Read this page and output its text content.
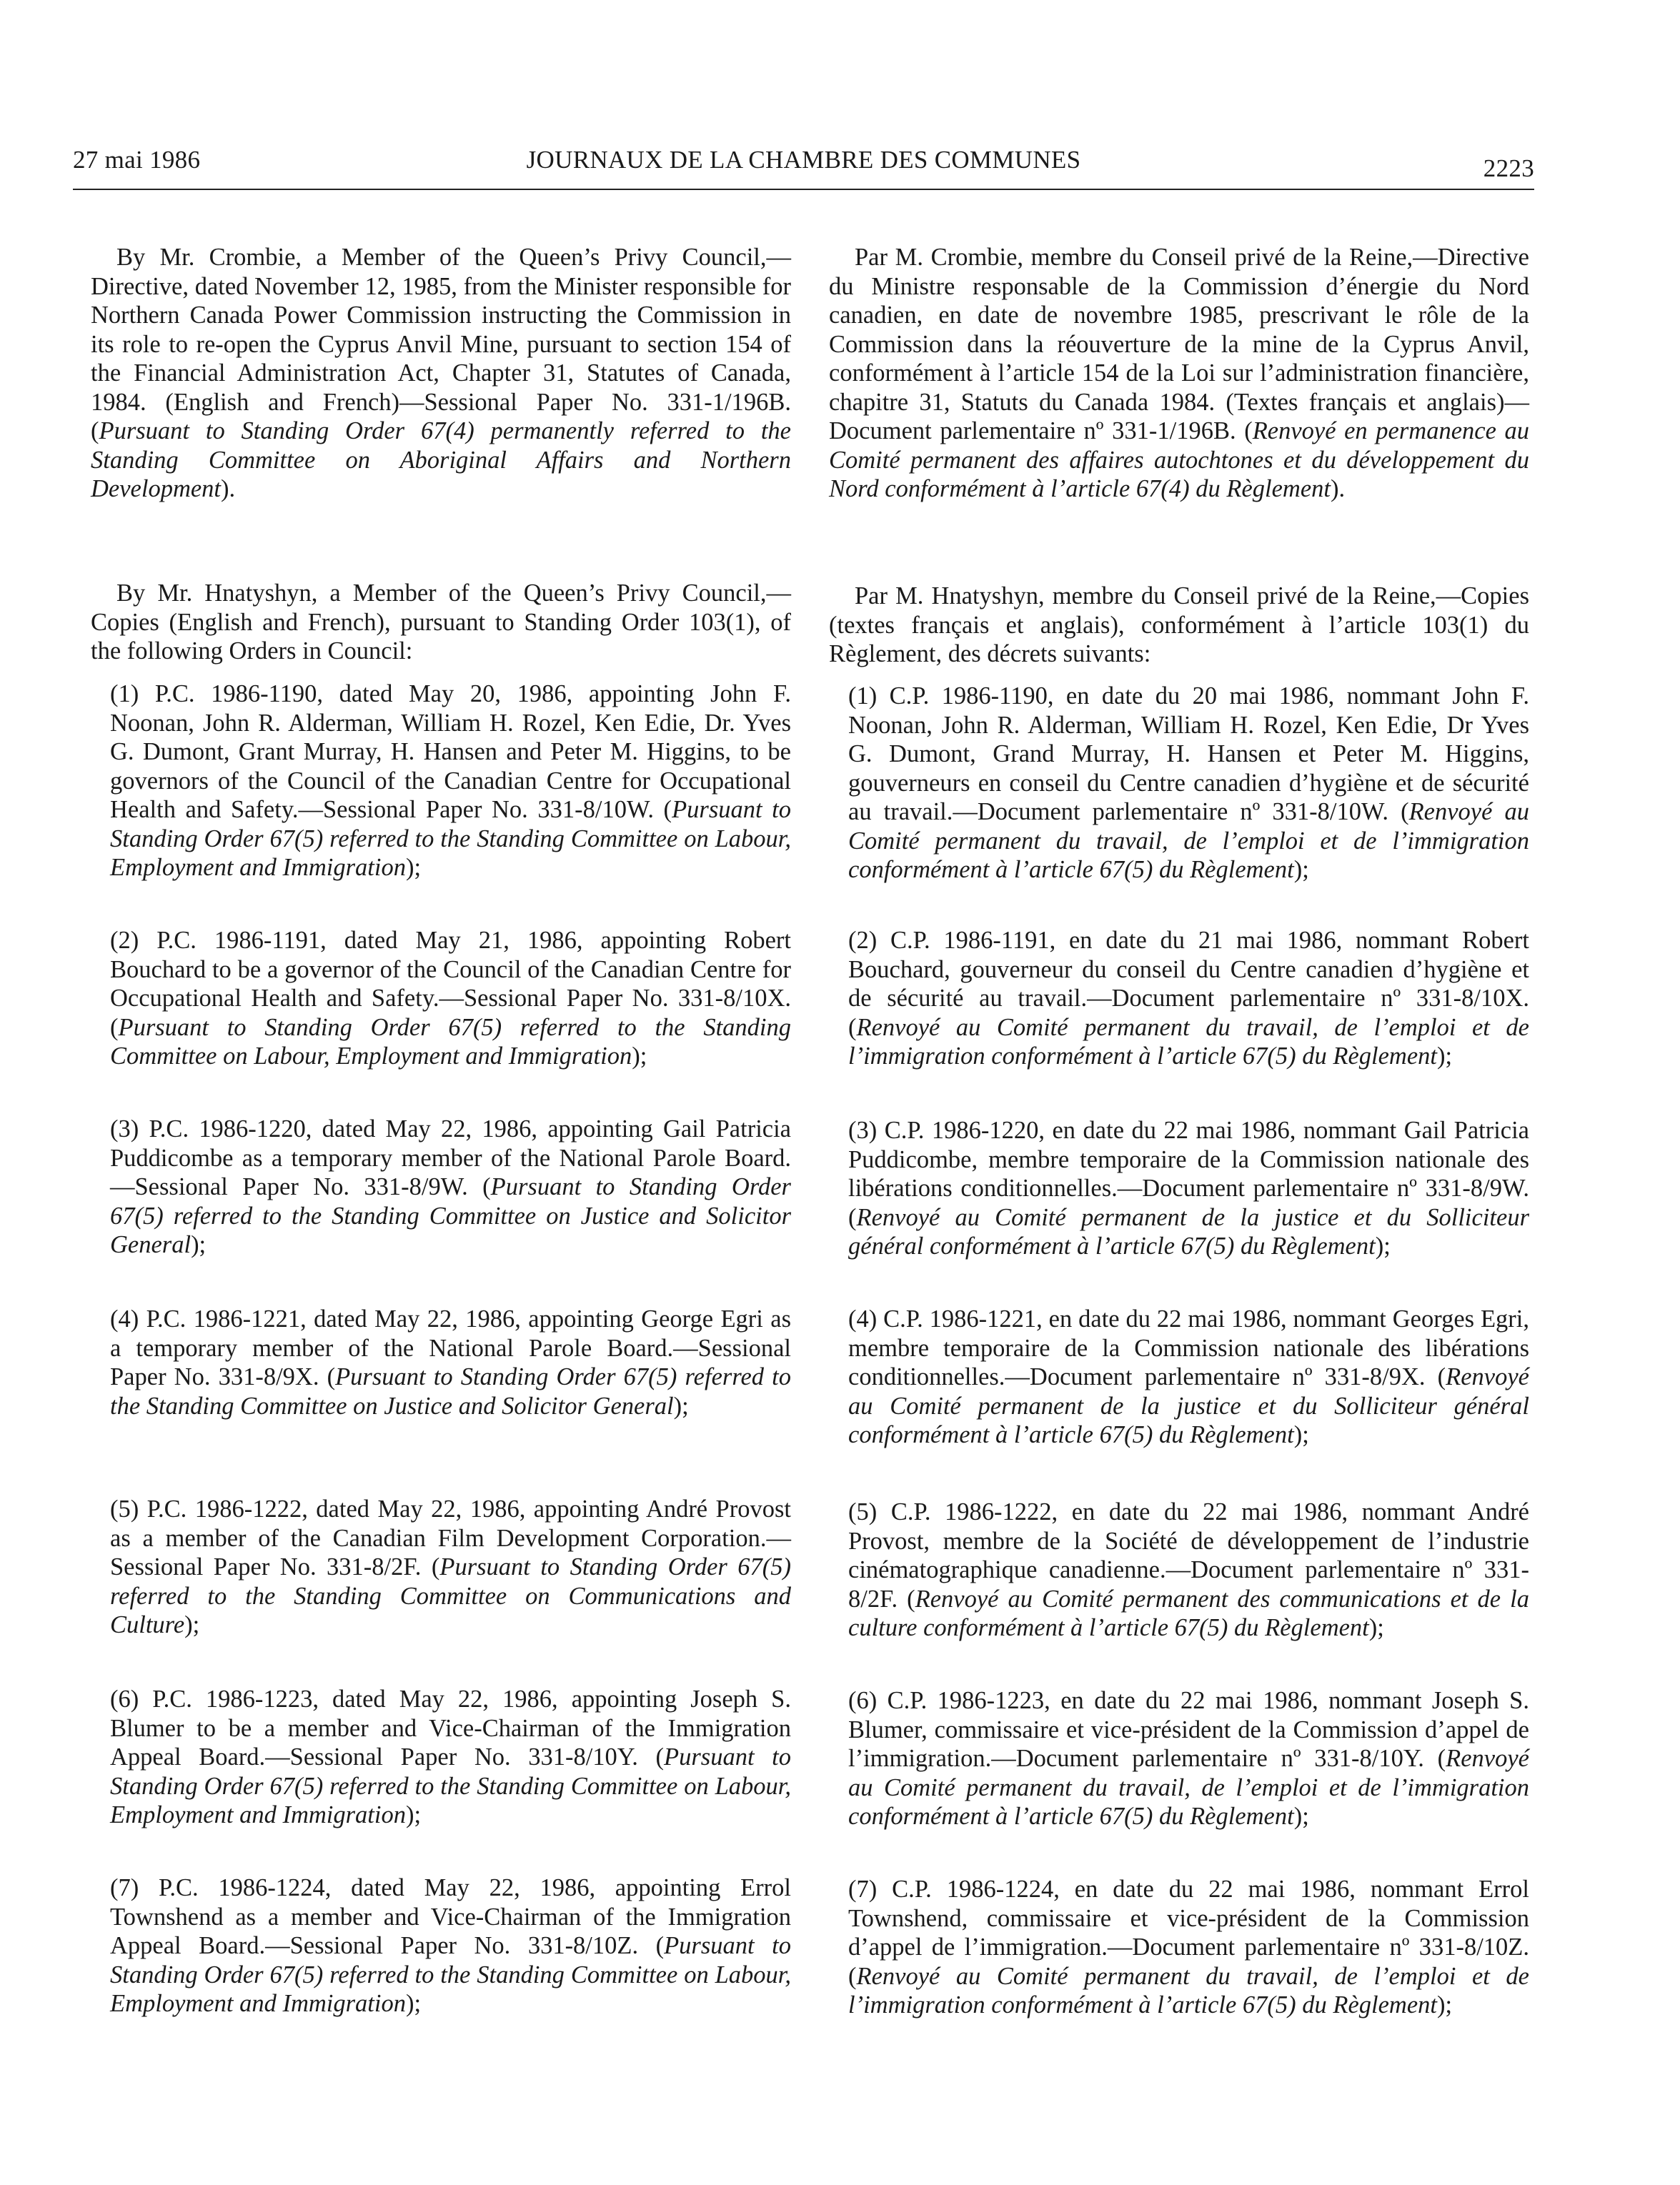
27 mai 1986	JOURNAUX DE LA CHAMBRE DES COMMUNES	2223

By Mr. Crombie, a Member of the Queen’s Privy Council,—Directive, dated November 12, 1985, from the Minister responsible for Northern Canada Power Commission instructing the Commission in its role to re-open the Cyprus Anvil Mine, pursuant to section 154 of the Financial Administration Act, Chapter 31, Statutes of Canada, 1984. (English and French)—Sessional Paper No. 331-1/196B. (Pursuant to Standing Order 67(4) permanently referred to the Standing Committee on Aboriginal Affairs and Northern Development).

By Mr. Hnatyshyn, a Member of the Queen’s Privy Council,—Copies (English and French), pursuant to Standing Order 103(1), of the following Orders in Council:

(1) P.C. 1986-1190, dated May 20, 1986, appointing John F. Noonan, John R. Alderman, William H. Rozel, Ken Edie, Dr. Yves G. Dumont, Grant Murray, H. Hansen and Peter M. Higgins, to be governors of the Council of the Canadian Centre for Occupational Health and Safety.—Sessional Paper No. 331-8/10W. (Pursuant to Standing Order 67(5) referred to the Standing Committee on Labour, Employment and Immigration);

(2) P.C. 1986-1191, dated May 21, 1986, appointing Robert Bouchard to be a governor of the Council of the Canadian Centre for Occupational Health and Safety.—Sessional Paper No. 331-8/10X. (Pursuant to Standing Order 67(5) referred to the Standing Committee on Labour, Employment and Immigration);

(3) P.C. 1986-1220, dated May 22, 1986, appointing Gail Patricia Puddicombe as a temporary member of the National Parole Board.—Sessional Paper No. 331-8/9W. (Pursuant to Standing Order 67(5) referred to the Standing Committee on Justice and Solicitor General);

(4) P.C. 1986-1221, dated May 22, 1986, appointing George Egri as a temporary member of the National Parole Board.—Sessional Paper No. 331-8/9X. (Pursuant to Standing Order 67(5) referred to the Standing Committee on Justice and Solicitor General);

(5) P.C. 1986-1222, dated May 22, 1986, appointing André Provost as a member of the Canadian Film Development Corporation.—Sessional Paper No. 331-8/2F. (Pursuant to Standing Order 67(5) referred to the Standing Committee on Communications and Culture);

(6) P.C. 1986-1223, dated May 22, 1986, appointing Joseph S. Blumer to be a member and Vice-Chairman of the Immigration Appeal Board.—Sessional Paper No. 331-8/10Y. (Pursuant to Standing Order 67(5) referred to the Standing Committee on Labour, Employment and Immigration);

(7) P.C. 1986-1224, dated May 22, 1986, appointing Errol Townshend as a member and Vice-Chairman of the Immigration Appeal Board.—Sessional Paper No. 331-8/10Z. (Pursuant to Standing Order 67(5) referred to the Standing Committee on Labour, Employment and Immigration);

Par M. Crombie, membre du Conseil privé de la Reine,—Directive du Ministre responsable de la Commission d’énergie du Nord canadien, en date de novembre 1985, prescrivant le rôle de la Commission dans la réouverture de la mine de la Cyprus Anvil, conformément à l’article 154 de la Loi sur l’administration financière, chapitre 31, Statuts du Canada 1984. (Textes français et anglais)—Document parlementaire nº 331-1/196B. (Renvoyé en permanence au Comité permanent des affaires autochtones et du développement du Nord conformément à l’article 67(4) du Règlement).

Par M. Hnatyshyn, membre du Conseil privé de la Reine,—Copies (textes français et anglais), conformément à l’article 103(1) du Règlement, des décrets suivants:

(1) C.P. 1986-1190, en date du 20 mai 1986, nommant John F. Noonan, John R. Alderman, William H. Rozel, Ken Edie, Dr Yves G. Dumont, Grand Murray, H. Hansen et Peter M. Higgins, gouverneurs en conseil du Centre canadien d’hygiène et de sécurité au travail.—Document parlementaire nº 331-8/10W. (Renvoyé au Comité permanent du travail, de l’emploi et de l’immigration conformément à l’article 67(5) du Règlement);

(2) C.P. 1986-1191, en date du 21 mai 1986, nommant Robert Bouchard, gouverneur du conseil du Centre canadien d’hygiène et de sécurité au travail.—Document parlementaire nº 331-8/10X. (Renvoyé au Comité permanent du travail, de l’emploi et de l’immigration conformément à l’article 67(5) du Règlement);

(3) C.P. 1986-1220, en date du 22 mai 1986, nommant Gail Patricia Puddicombe, membre temporaire de la Commission nationale des libérations conditionnelles.—Document parlementaire nº 331-8/9W. (Renvoyé au Comité permanent de la justice et du Solliciteur général conformément à l’article 67(5) du Règlement);

(4) C.P. 1986-1221, en date du 22 mai 1986, nommant Georges Egri, membre temporaire de la Commission nationale des libérations conditionnelles.—Document parlementaire nº 331-8/9X. (Renvoyé au Comité permanent de la justice et du Solliciteur général conformément à l’article 67(5) du Règlement);

(5) C.P. 1986-1222, en date du 22 mai 1986, nommant André Provost, membre de la Société de développement de l’industrie cinématographique canadienne.—Document parlementaire nº 331-8/2F. (Renvoyé au Comité permanent des communications et de la culture conformément à l’article 67(5) du Règlement);

(6) C.P. 1986-1223, en date du 22 mai 1986, nommant Joseph S. Blumer, commissaire et vice-président de la Commission d’appel de l’immigration.—Document parlementaire nº 331-8/10Y. (Renvoyé au Comité permanent du travail, de l’emploi et de l’immigration conformément à l’article 67(5) du Règlement);

(7) C.P. 1986-1224, en date du 22 mai 1986, nommant Errol Townshend, commissaire et vice-président de la Commission d’appel de l’immigration.—Document parlementaire nº 331-8/10Z. (Renvoyé au Comité permanent du travail, de l’emploi et de l’immigration conformément à l’article 67(5) du Règlement);
